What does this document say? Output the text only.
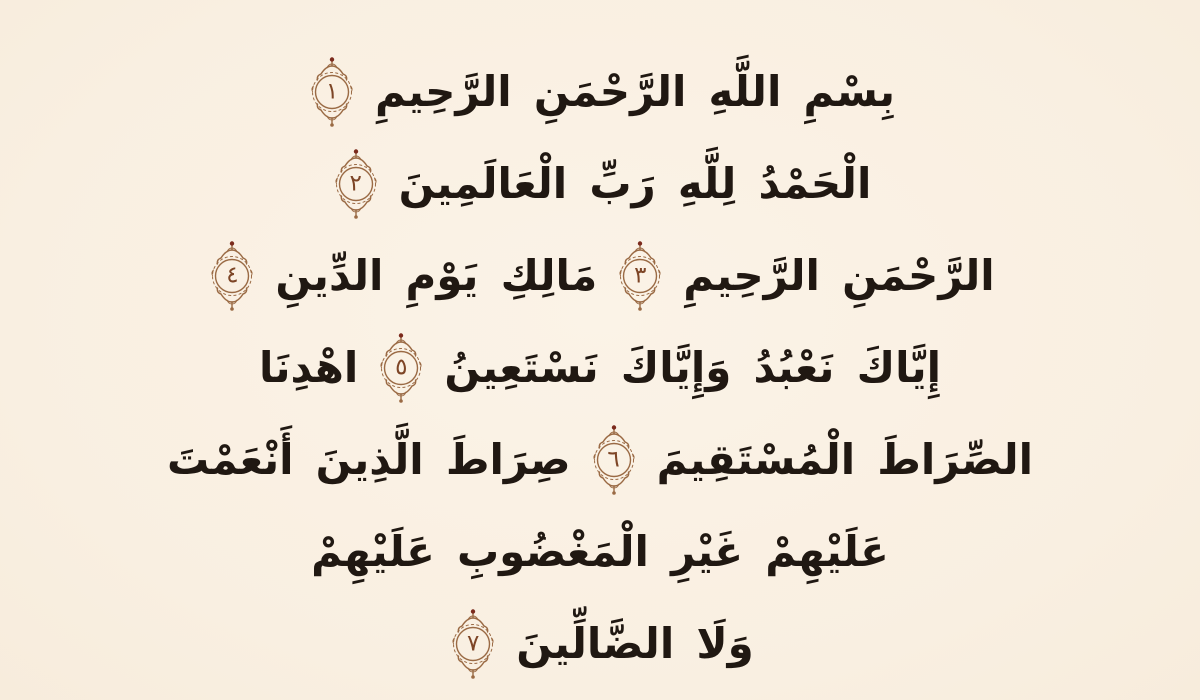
بِسْمِ اللَّهِ الرَّحْمَنِ الرَّحِيمِ
١
الْحَمْدُ لِلَّهِ رَبِّ الْعَالَمِينَ
٢
الرَّحْمَنِ الرَّحِيمِ
٣
مَالِكِ يَوْمِ الدِّينِ
٤
إِيَّاكَ نَعْبُدُ وَإِيَّاكَ نَسْتَعِينُ
٥
اهْدِنَا
الصِّرَاطَ الْمُسْتَقِيمَ
٦
صِرَاطَ الَّذِينَ أَنْعَمْتَ
عَلَيْهِمْ غَيْرِ الْمَغْضُوبِ عَلَيْهِمْ
وَلَا الضَّالِّينَ
٧
